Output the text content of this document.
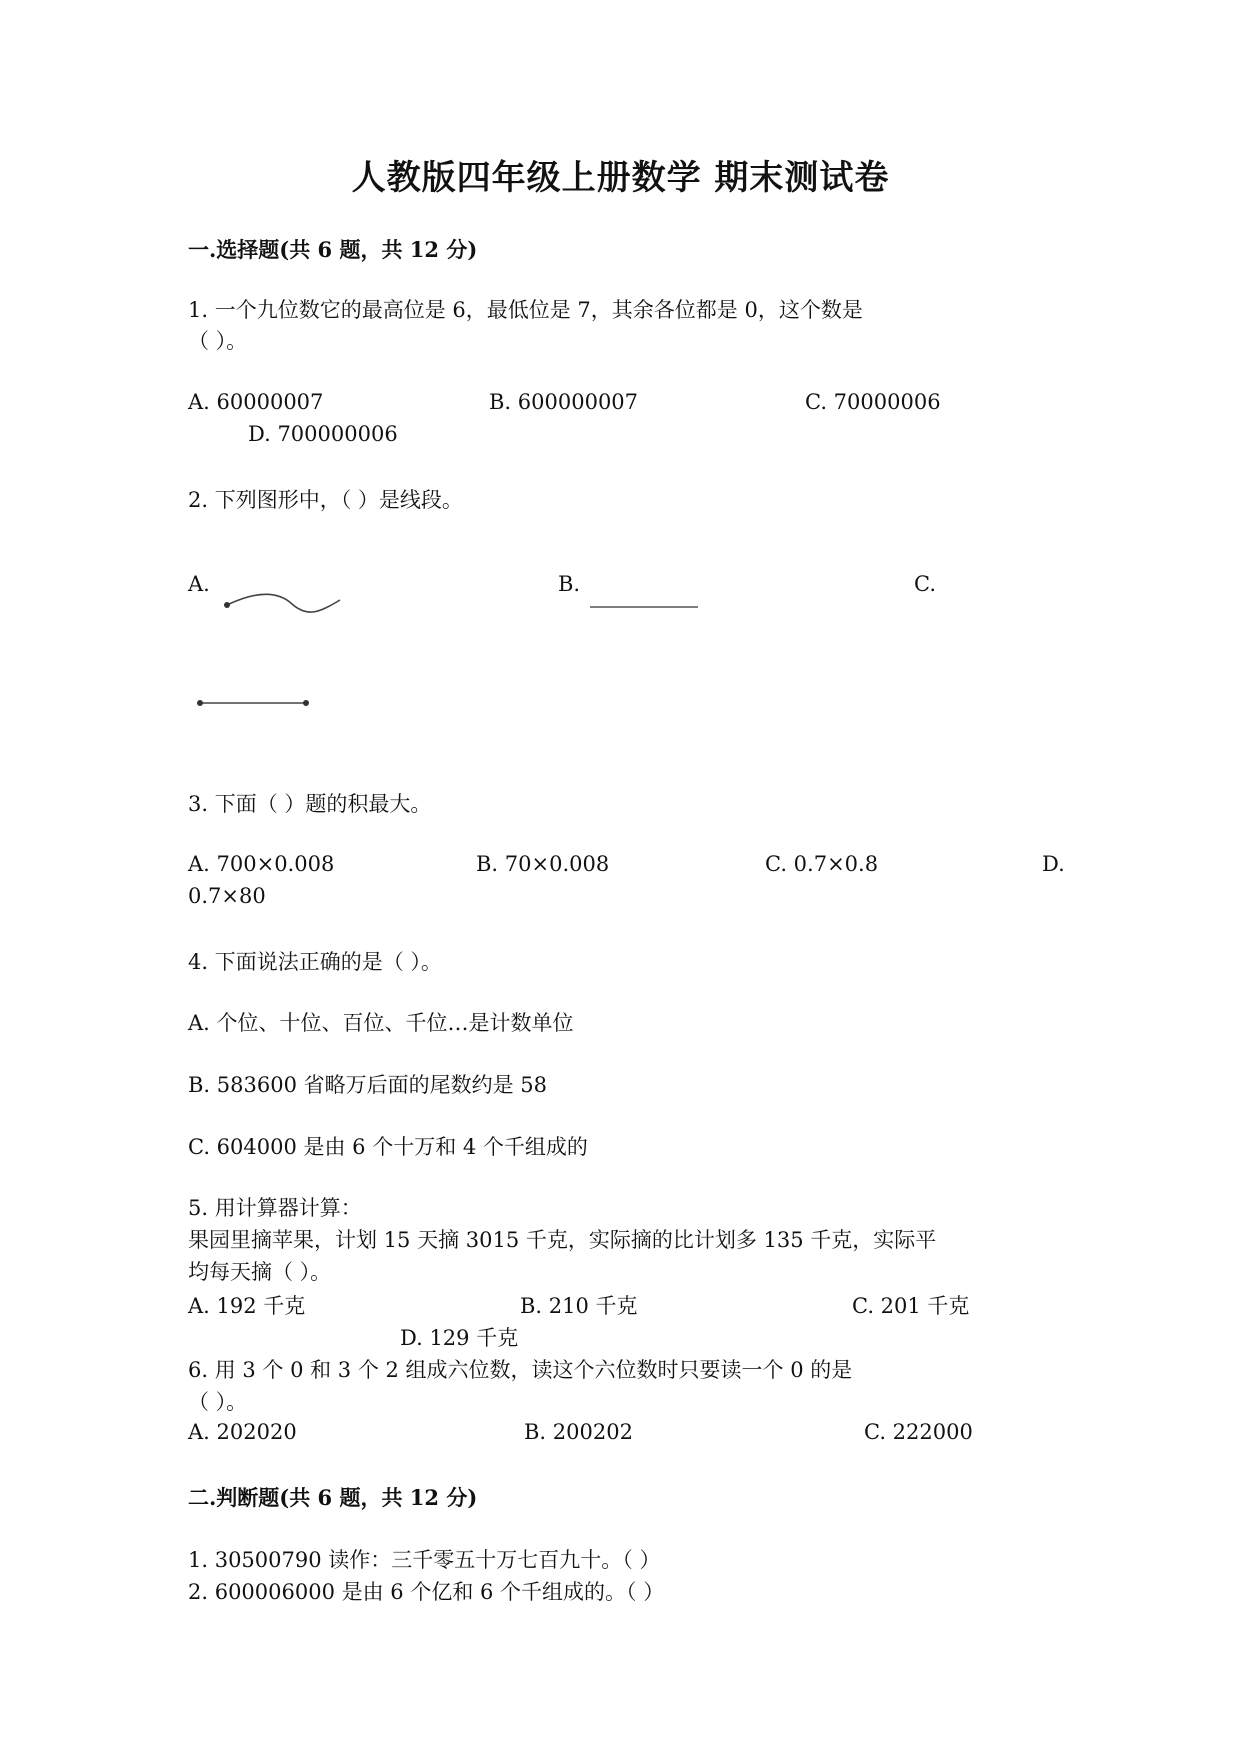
人教版四年级上册数学 期末测试卷
一.选择题(共 6 题，共 12 分)
1. 一个九位数它的最高位是 6，最低位是 7，其余各位都是 0，这个数是
（ ）。
A. 60000007	B. 600000007	C. 70000006
D. 700000006
2. 下列图形中，（ ）是线段。
A.	B.	C.
3. 下面（ ）题的积最大。
A. 700×0.008	B. 70×0.008	C. 0.7×0.8	D.
0.7×80
4. 下面说法正确的是（ ）。
A. 个位、十位、百位、千位…是计数单位
B. 583600 省略万后面的尾数约是 58
C. 604000 是由 6 个十万和 4 个千组成的
5. 用计算器计算：
果园里摘苹果，计划 15 天摘 3015 千克，实际摘的比计划多 135 千克，实际平
均每天摘（ ）。
A. 192 千克	B. 210 千克	C. 201 千克
D. 129 千克
6. 用 3 个 0 和 3 个 2 组成六位数，读这个六位数时只要读一个 0 的是
（ ）。
A. 202020	B. 200202	C. 222000
二.判断题(共 6 题，共 12 分)
1. 30500790 读作：三千零五十万七百九十。（ ）
2. 600006000 是由 6 个亿和 6 个千组成的。（ ）
